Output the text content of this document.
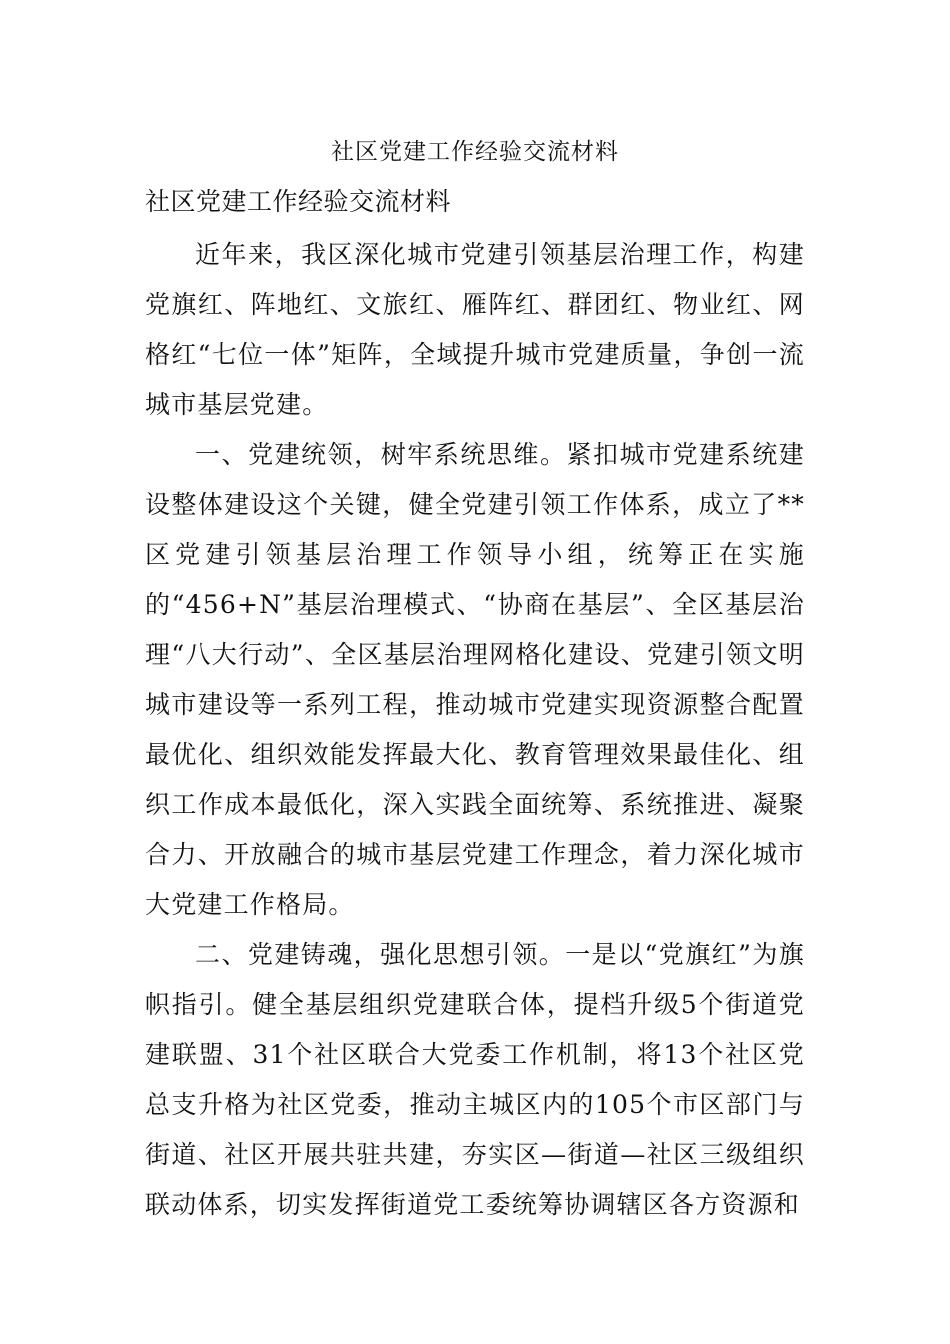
社区党建工作经验交流材料
社区党建工作经验交流材料

近年来，我区深化城市党建引领基层治理工作，构建党旗红、阵地红、文旅红、雁阵红、群团红、物业红、网格红“七位一体”矩阵，全域提升城市党建质量，争创一流城市基层党建。

一、党建统领，树牢系统思维。紧扣城市党建系统建设整体建设这个关键，健全党建引领工作体系，成立了**区党建引领基层治理工作领导小组，统筹正在实施的“456+N”基层治理模式、“协商在基层”、全区基层治理“八大行动”、全区基层治理网格化建设、党建引领文明城市建设等一系列工程，推动城市党建实现资源整合配置最优化、组织效能发挥最大化、教育管理效果最佳化、组织工作成本最低化，深入实践全面统筹、系统推进、凝聚合力、开放融合的城市基层党建工作理念，着力深化城市大党建工作格局。

二、党建铸魂，强化思想引领。一是以“党旗红”为旗帜指引。健全基层组织党建联合体，提档升级5个街道党建联盟、31个社区联合大党委工作机制，将13个社区党总支升格为社区党委，推动主城区内的105个市区部门与街道、社区开展共驻共建，夯实区—街道—社区三级组织联动体系，切实发挥街道党工委统筹协调辖区各方资源和
